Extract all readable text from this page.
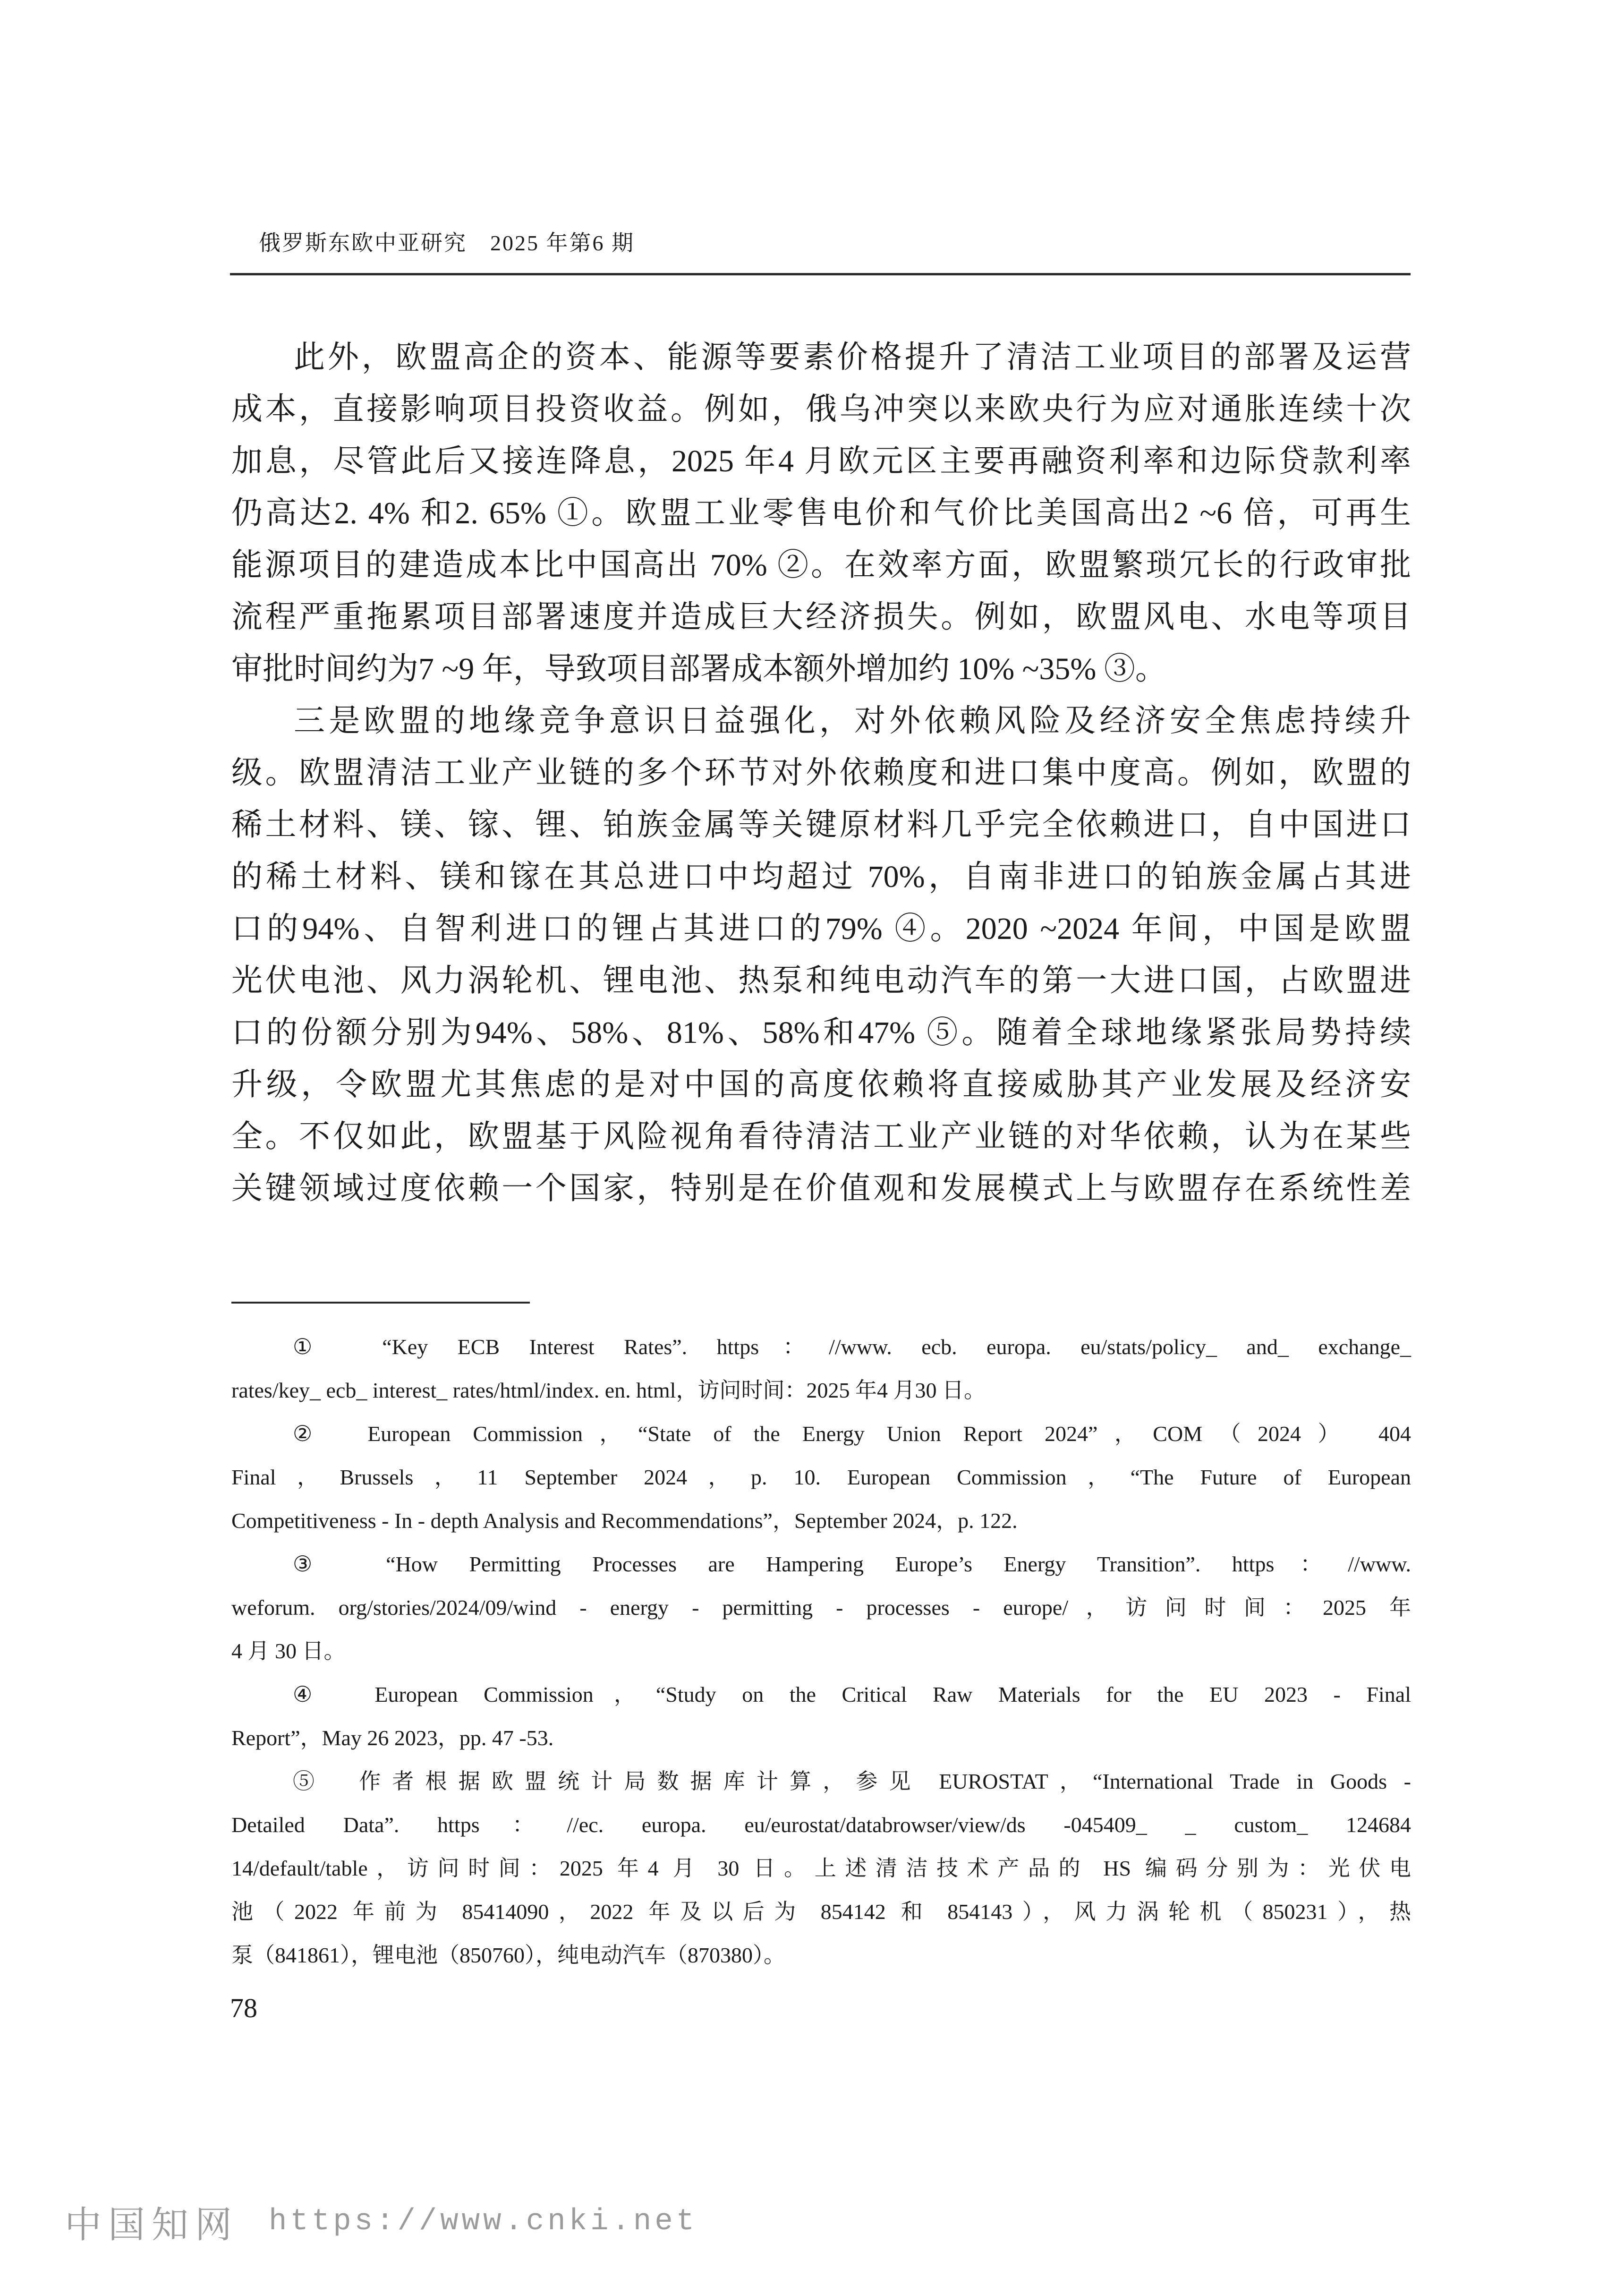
俄罗斯东欧中亚研究　2025 年第6 期
此外，欧盟高企的资本、能源等要素价格提升了清洁工业项目的部署及运营
成本，直接影响项目投资收益。例如，俄乌冲突以来欧央行为应对通胀连续十次
加息，尽管此后又接连降息，2025 年4 月欧元区主要再融资利率和边际贷款利率
仍高达2. 4% 和2. 65% ①。欧盟工业零售电价和气价比美国高出2 ~6 倍，可再生
能源项目的建造成本比中国高出 70% ②。在效率方面，欧盟繁琐冗长的行政审批
流程严重拖累项目部署速度并造成巨大经济损失。例如，欧盟风电、水电等项目
审批时间约为7 ~9 年，导致项目部署成本额外增加约 10% ~35% ③。
三是欧盟的地缘竞争意识日益强化，对外依赖风险及经济安全焦虑持续升
级。欧盟清洁工业产业链的多个环节对外依赖度和进口集中度高。例如，欧盟的
稀土材料、镁、镓、锂、铂族金属等关键原材料几乎完全依赖进口，自中国进口
的稀土材料、镁和镓在其总进口中均超过 70%，自南非进口的铂族金属占其进
口的94%、自智利进口的锂占其进口的79% ④。2020 ~2024 年间，中国是欧盟
光伏电池、风力涡轮机、锂电池、热泵和纯电动汽车的第一大进口国，占欧盟进
口的份额分别为94%、58%、81%、58%和47% ⑤。随着全球地缘紧张局势持续
升级，令欧盟尤其焦虑的是对中国的高度依赖将直接威胁其产业发展及经济安
全。不仅如此，欧盟基于风险视角看待清洁工业产业链的对华依赖，认为在某些
关键领域过度依赖一个国家，特别是在价值观和发展模式上与欧盟存在系统性差
①　“Key ECB Interest Rates”. https：//www. ecb. europa. eu/stats/policy_ and_ exchange_
rates/key_ ecb_ interest_ rates/html/index. en. html，访问时间：2025 年4 月30 日。
②　European Commission，“State of the Energy Union Report 2024”，COM（2024） 404
Final，Brussels，11 September 2024，p. 10. European Commission，“The Future of European
Competitiveness - In - depth Analysis and Recommendations”，September 2024，p. 122.
③　“How Permitting Processes are Hampering Europe’s Energy Transition”. https：//www.
weforum. org/stories/2024/09/wind - energy - permitting - processes - europe/，访问时间：2025 年
4 月 30 日。
④　European Commission，“Study on the Critical Raw Materials for the EU 2023 - Final
Report”，May 26 2023，pp. 47 -53.
⑤　作者根据欧盟统计局数据库计算，参见 EUROSTAT，“International Trade in Goods -
Detailed Data”. https：//ec. europa. eu/eurostat/databrowser/view/ds -045409_ _ custom_ 124684
14/default/table，访问时间：2025 年4 月 30 日。上述清洁技术产品的 HS 编码分别为：光伏电
池（2022 年前为 85414090，2022 年及以后为 854142 和 854143），风力涡轮机（850231），热
泵（841861），锂电池（850760），纯电动汽车（870380）。
78
中国知网 https://www.cnki.net
